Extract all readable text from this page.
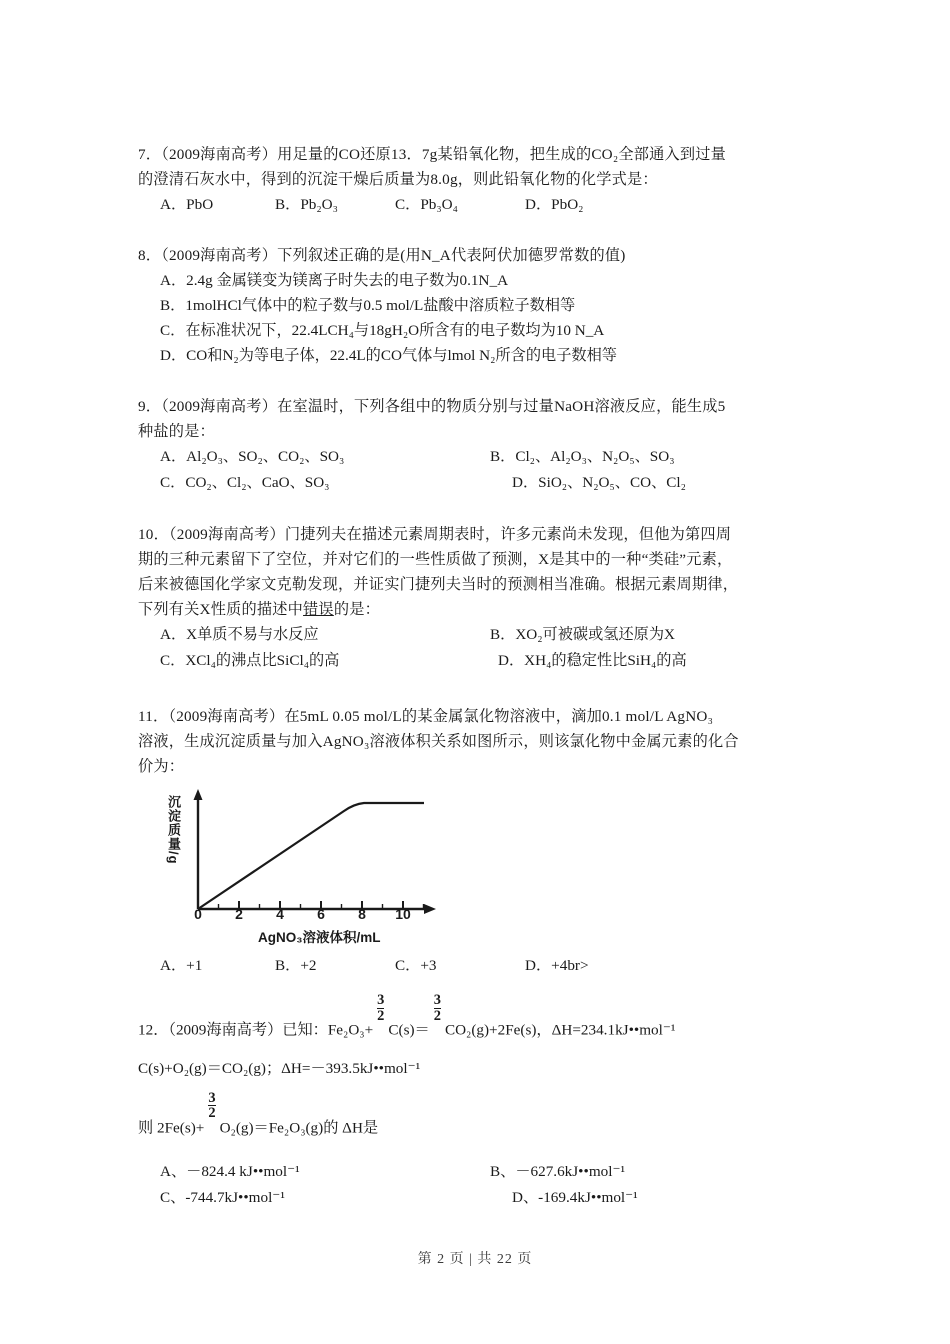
7．（2009海南高考）用足量的CO还原13．7g某铅氧化物，把生成的CO₂全部通入到过量
的澄清石灰水中，得到的沉淀干燥后质量为8.0g，则此铅氧化物的化学式是：
A．PbO	B．Pb₂O₃	C．Pb₃O₄	D．PbO₂
8．（2009海南高考）下列叙述正确的是(用N_A代表阿伏加德罗常数的值)
A．2.4g 金属镁变为镁离子时失去的电子数为0.1N_A
B．1molHCl气体中的粒子数与0.5 mol/L盐酸中溶质粒子数相等
C．在标准状况下，22.4LCH₄与18gH₂O所含有的电子数均为10 N_A
D．CO和N₂为等电子体，22.4L的CO气体与lmol N₂所含的电子数相等
9．（2009海南高考）在室温时，下列各组中的物质分别与过量NaOH溶液反应，能生成5
种盐的是：
A．Al₂O₃、SO₂、CO₂、SO₃	B．Cl₂、Al₂O₃、N₂O₅、SO₃
C．CO₂、Cl₂、CaO、SO₃	D．SiO₂、N₂O₅、CO、Cl₂
10．（2009海南高考）门捷列夫在描述元素周期表时，许多元素尚未发现，但他为第四周
期的三种元素留下了空位，并对它们的一些性质做了预测，X是其中的一种“类硅”元素，
后来被德国化学家文克勒发现，并证实门捷列夫当时的预测相当准确。根据元素周期律，
下列有关X性质的描述中错误的是：
A．X单质不易与水反应	B．XO₂可被碳或氢还原为X
C．XCl₄的沸点比SiCl₄的高	D．XH₄的稳定性比SiH₄的高
11．（2009海南高考）在5mL 0.05 mol/L的某金属氯化物溶液中，滴加0.1 mol/L AgNO₃
溶液，生成沉淀质量与加入AgNO₃溶液体积关系如图所示，则该氯化物中金属元素的化合
价为：
沉淀质量/g
0 2 4 6 8 10
AgNO₃溶液体积/mL
A．+1	B．+2	C．+3	D．+4br>
12．（2009海南高考）已知：Fe₂O₃+
$\frac{3}{2}$
C(s)＝
$\frac{3}{2}$
CO₂(g)+2Fe(s)，ΔH=234.1kJ••mol⁻¹
C(s)+O₂(g)＝CO₂(g)；ΔH=－393.5kJ••mol⁻¹
则 2Fe(s)+
$\frac{3}{2}$
O₂(g)＝Fe₂O₃(g)的 ΔH是
A、－824.4 kJ••mol⁻¹	B、－627.6kJ••mol⁻¹
C、-744.7kJ••mol⁻¹	D、-169.4kJ••mol⁻¹
第 2 页 | 共 22 页
